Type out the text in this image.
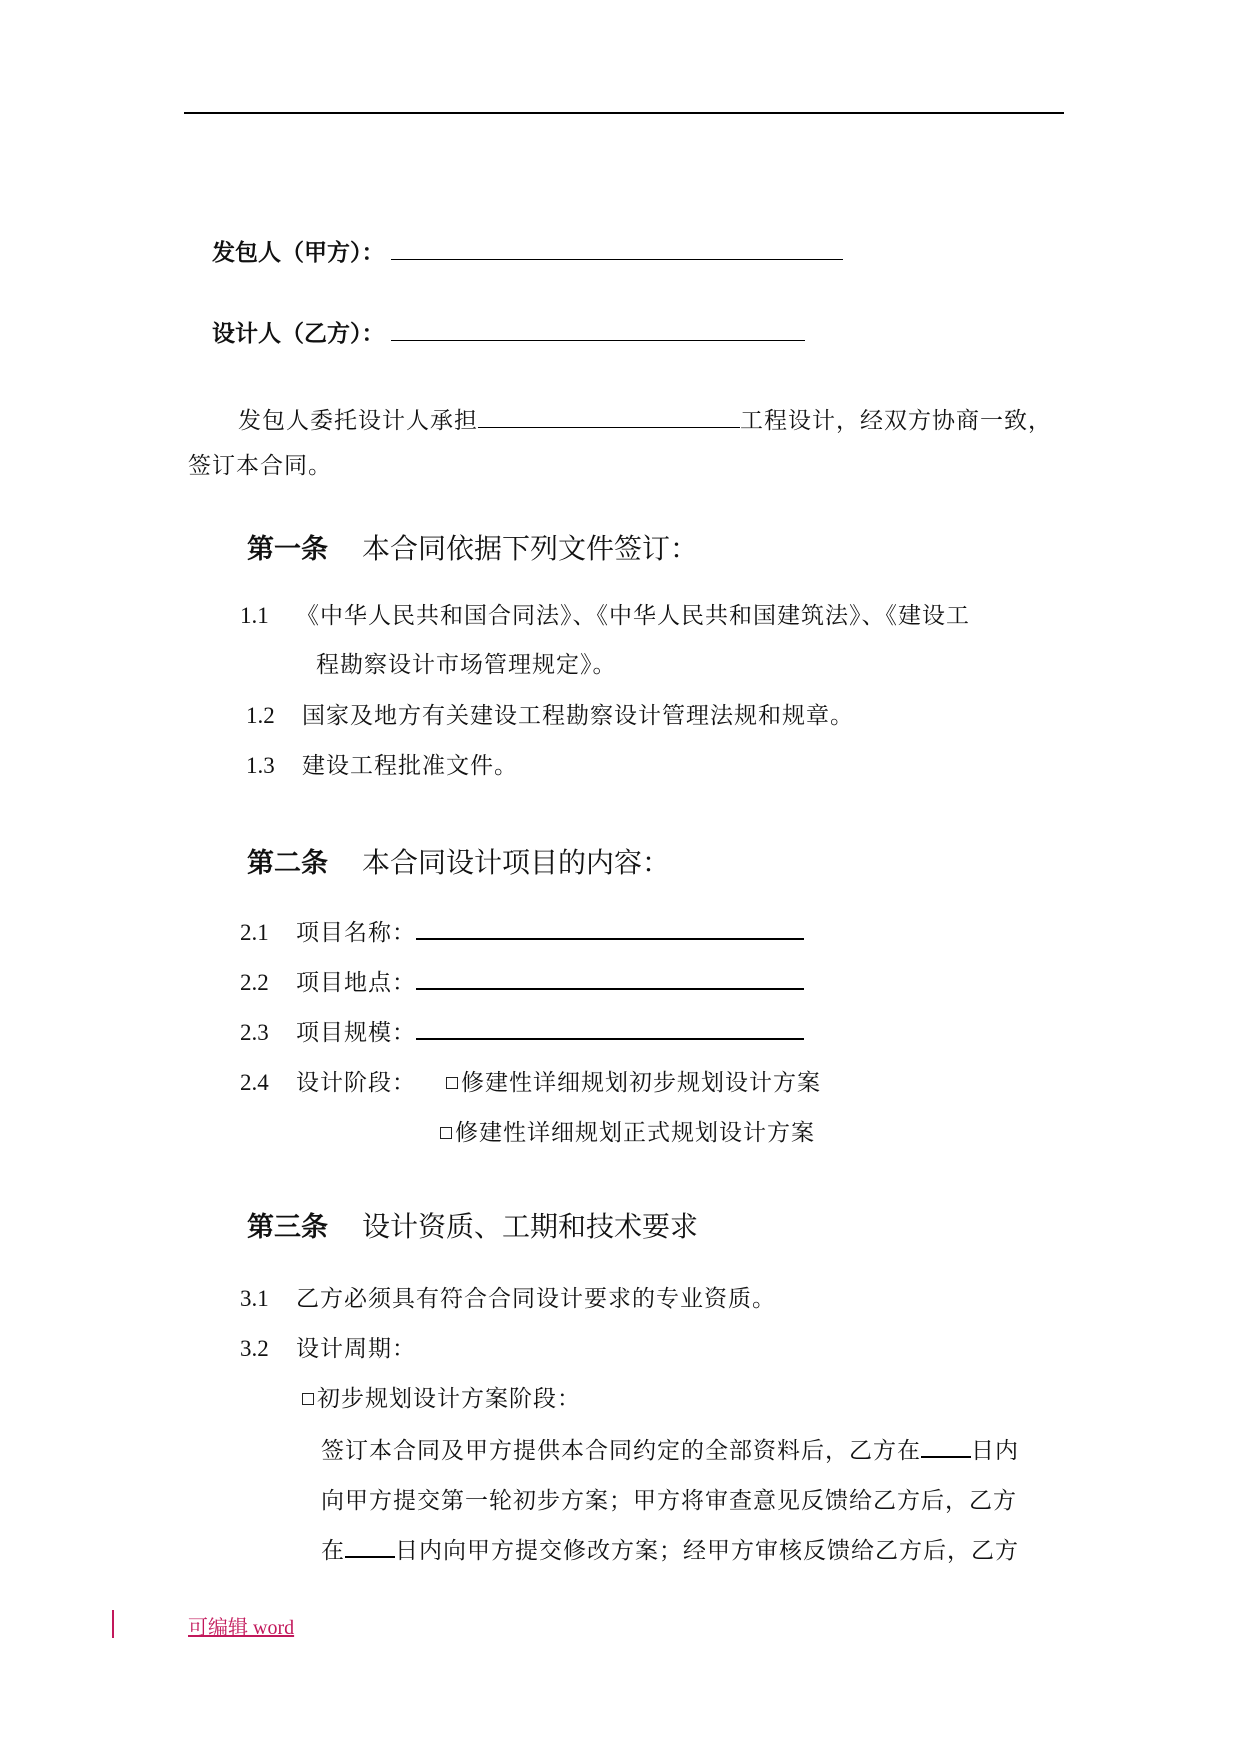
发包人（甲方）：
设计人（乙方）：
发包人委托设计人承担	工程设计，经双方协商一致，
签订本合同。
第一条 本合同依据下列文件签订：
1.1 《中华人民共和国合同法》、《中华人民共和国建筑法》、《建设工
程勘察设计市场管理规定》。
1.2 国家及地方有关建设工程勘察设计管理法规和规章。
1.3 建设工程批准文件。
第二条 本合同设计项目的内容：
2.1 项目名称：
2.2 项目地点：
2.3 项目规模：
2.4 设计阶段：	修建性详细规划初步规划设计方案
修建性详细规划正式规划设计方案
第三条 设计资质、工期和技术要求
3.1 乙方必须具有符合合同设计要求的专业资质。
3.2 设计周期：
初步规划设计方案阶段：
签订本合同及甲方提供本合同约定的全部资料后，乙方在 日内
向甲方提交第一轮初步方案；甲方将审查意见反馈给乙方后，乙方
在 日内向甲方提交修改方案；经甲方审核反馈给乙方后，乙方
可编辑 word
